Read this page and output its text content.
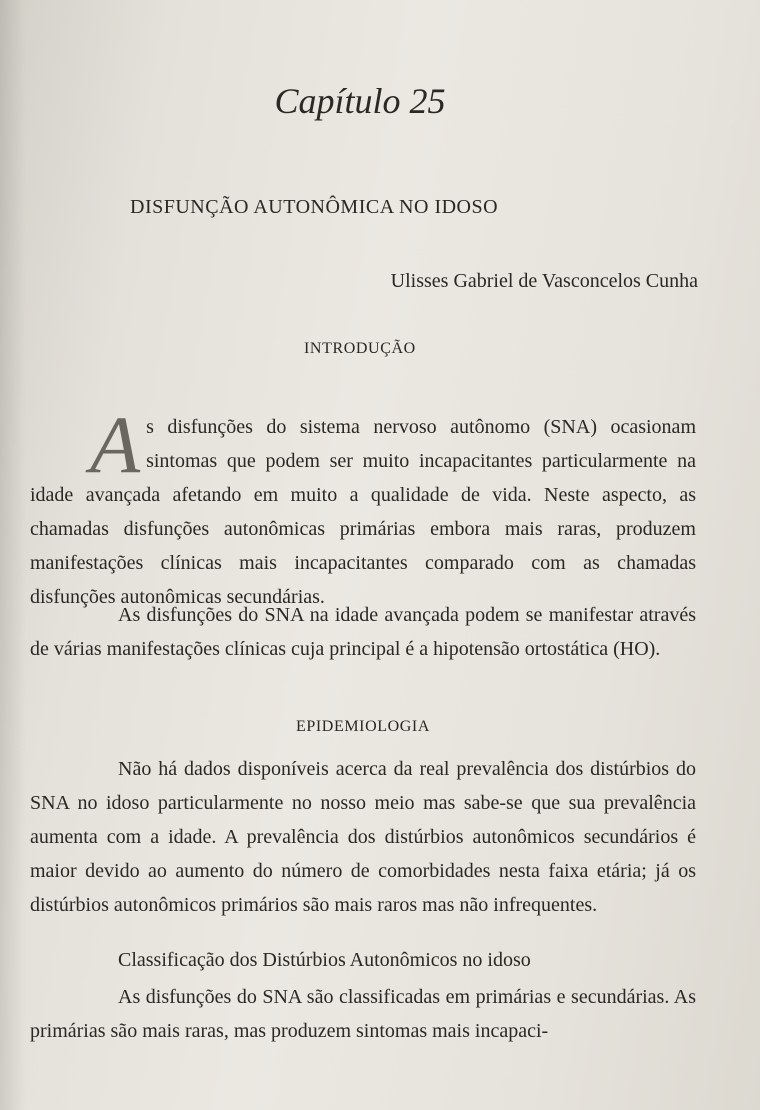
Capítulo 25
DISFUNÇÃO AUTONÔMICA NO IDOSO
Ulisses Gabriel de Vasconcelos Cunha
INTRODUÇÃO
A s disfunções do sistema nervoso autônomo (SNA) ocasionam sintomas que podem ser muito incapacitantes particularmente na idade avançada afetando em muito a qualidade de vida. Neste aspecto, as chamadas disfunções autonômicas primárias embora mais raras, produzem manifestações clínicas mais incapacitantes comparado com as chamadas disfunções autonômicas secundárias.
As disfunções do SNA na idade avançada podem se manifestar através de várias manifestações clínicas cuja principal é a hipotensão ortostática (HO).
EPIDEMIOLOGIA
Não há dados disponíveis acerca da real prevalência dos distúrbios do SNA no idoso particularmente no nosso meio mas sabe-se que sua prevalência aumenta com a idade. A prevalência dos distúrbios autonômicos secundários é maior devido ao aumento do número de comorbidades nesta faixa etária; já os distúrbios autonômicos primários são mais raros mas não infrequentes.
Classificação dos Distúrbios Autonômicos no idoso
As disfunções do SNA são classificadas em primárias e secundárias. As primárias são mais raras, mas produzem sintomas mais incapaci-
